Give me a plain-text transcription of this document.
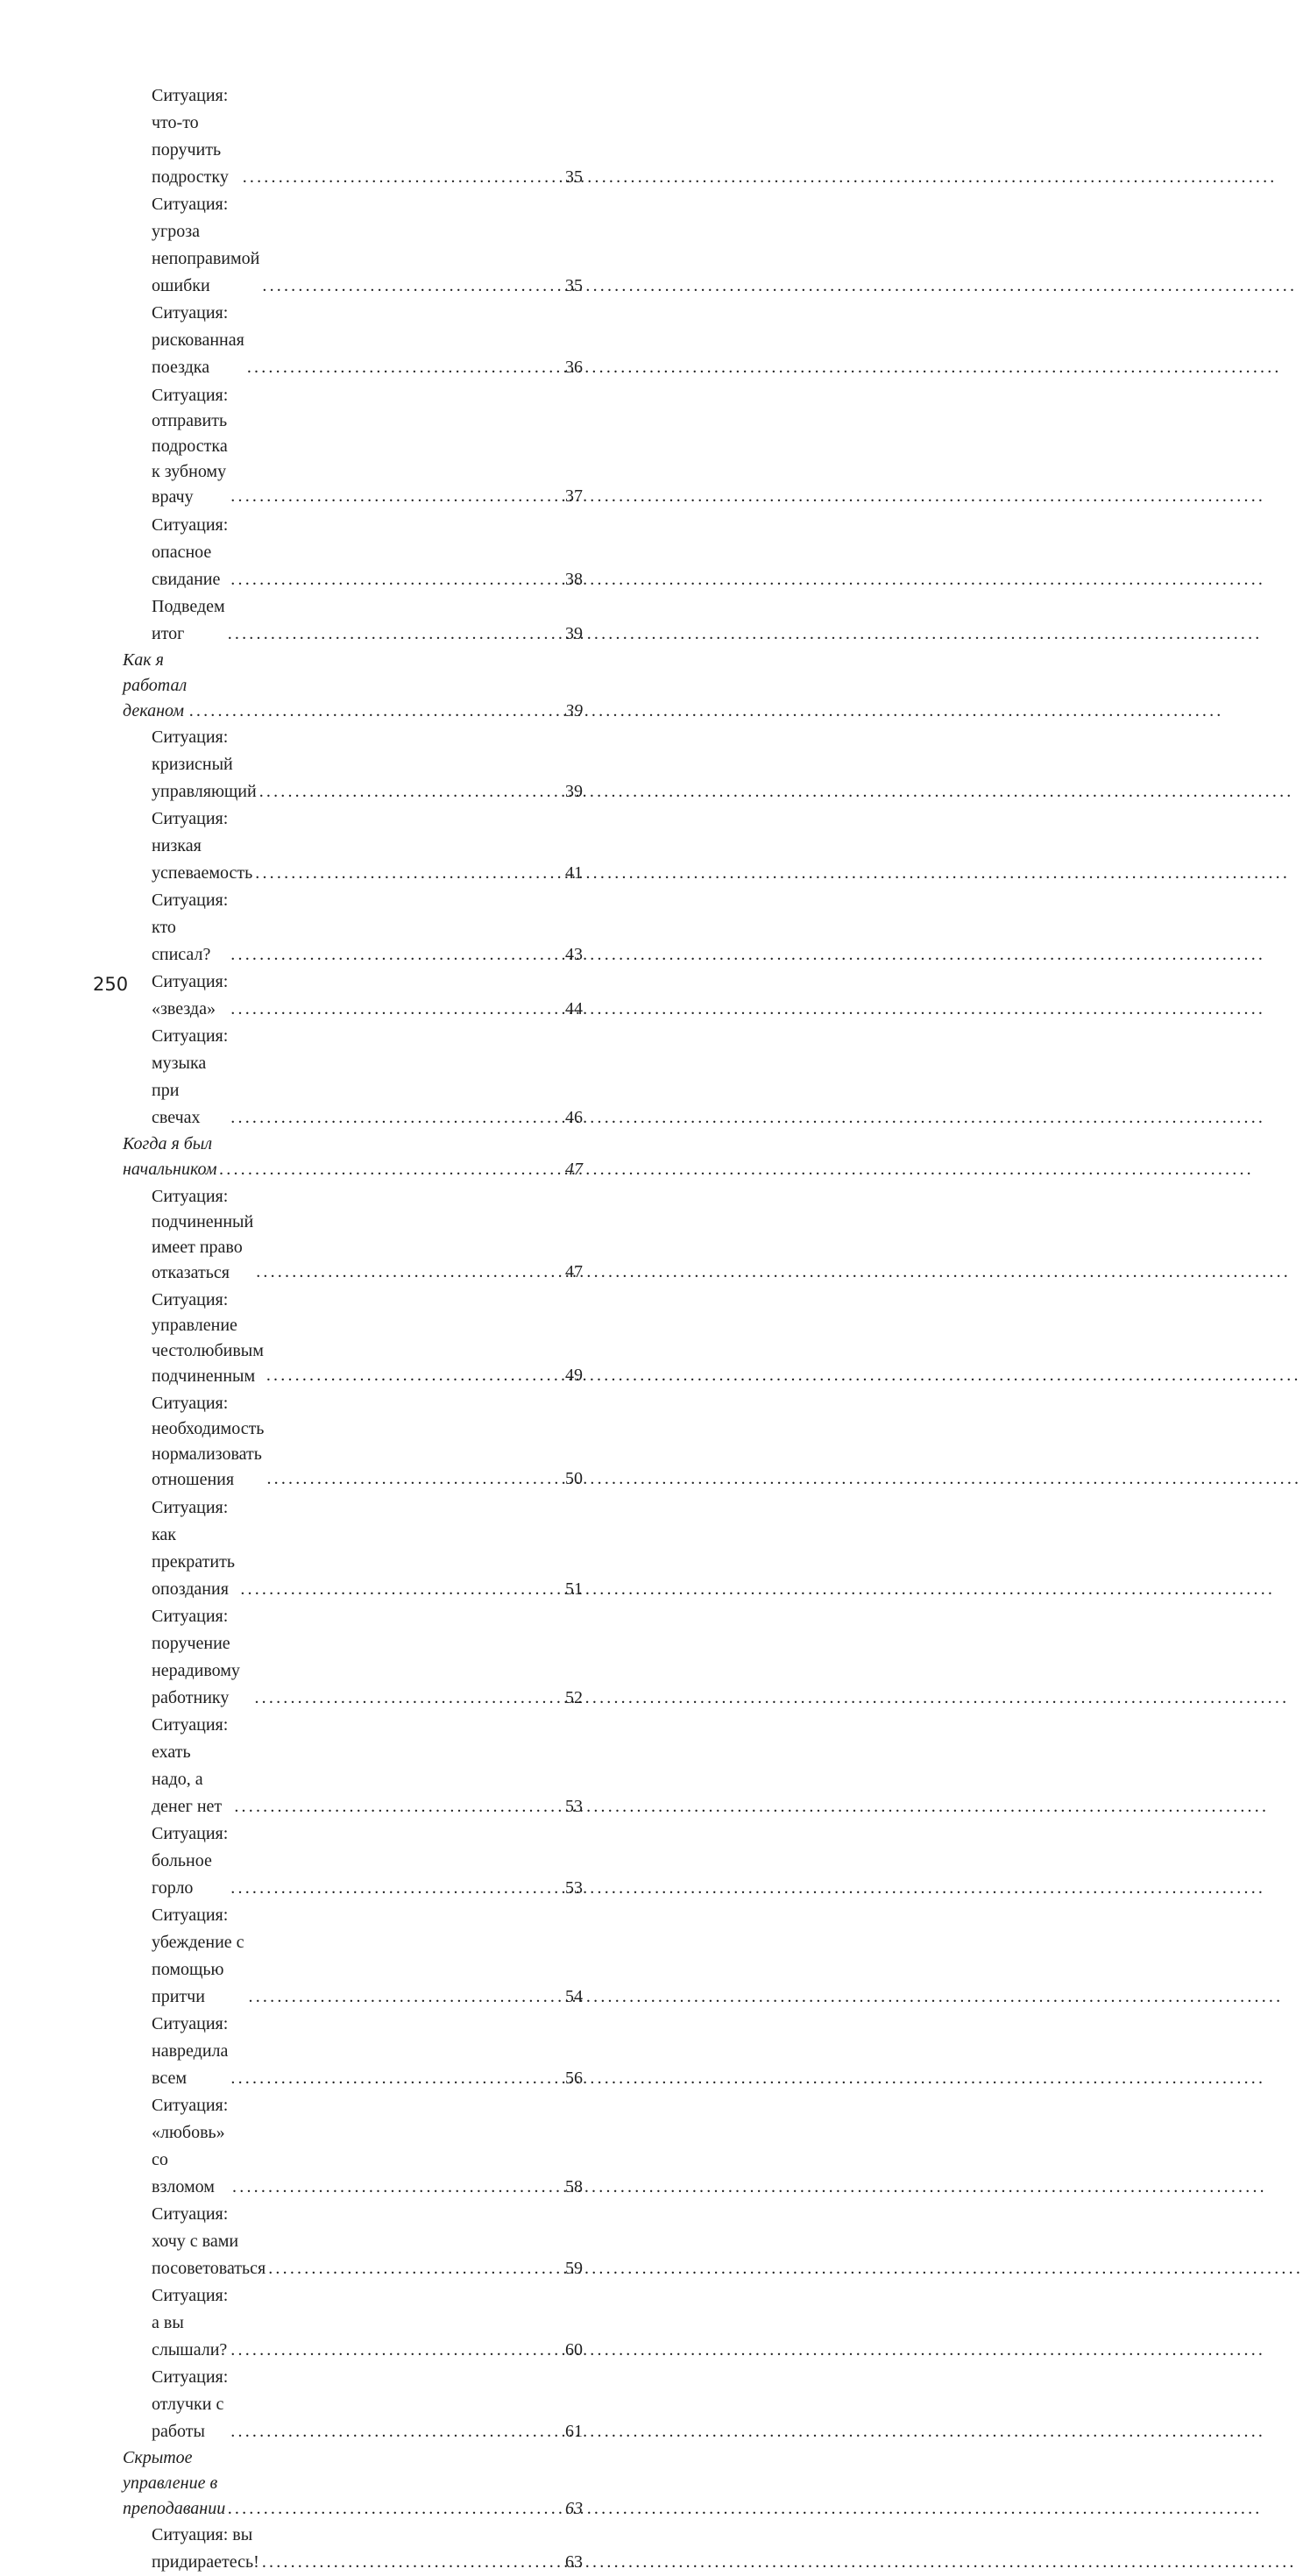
Ситуация: что-то поручить подростку .....	35
Ситуация: угроза непоправимой ошибки .....	35
Ситуация: рискованная поездка .....	36
Ситуация: отправить подростка
к зубному врачу .....	37
Ситуация: опасное свидание .....	38
Подведем итог .....	39
Как я работал деканом .....	39
Ситуация: кризисный управляющий .....	39
Ситуация: низкая успеваемость .....	41
Ситуация: кто списал? .....	43
Ситуация: «звезда» .....	44
Ситуация: музыка при свечах .....	46
Когда я был начальником .....	47
Ситуация: подчиненный имеет право
отказаться .....	47
Ситуация: управление честолюбивым
подчиненным .....	49
Ситуация: необходимость
нормализовать отношения .....	50
Ситуация: как прекратить опоздания .....	51
Ситуация: поручение нерадивому работнику .....	52
Ситуация: ехать надо, а денег нет .....	53
Ситуация: больное горло .....	53
Ситуация: убеждение с помощью притчи .....	54
Ситуация: навредила всем .....	56
Ситуация: «любовь» со взломом .....	58
Ситуация: хочу с вами посоветоваться .....	59
Ситуация: а вы слышали? .....	60
Ситуация: отлучки с работы .....	61
Скрытое управление в преподавании .....	63
Ситуация: вы придираетесь! .....	63
250
